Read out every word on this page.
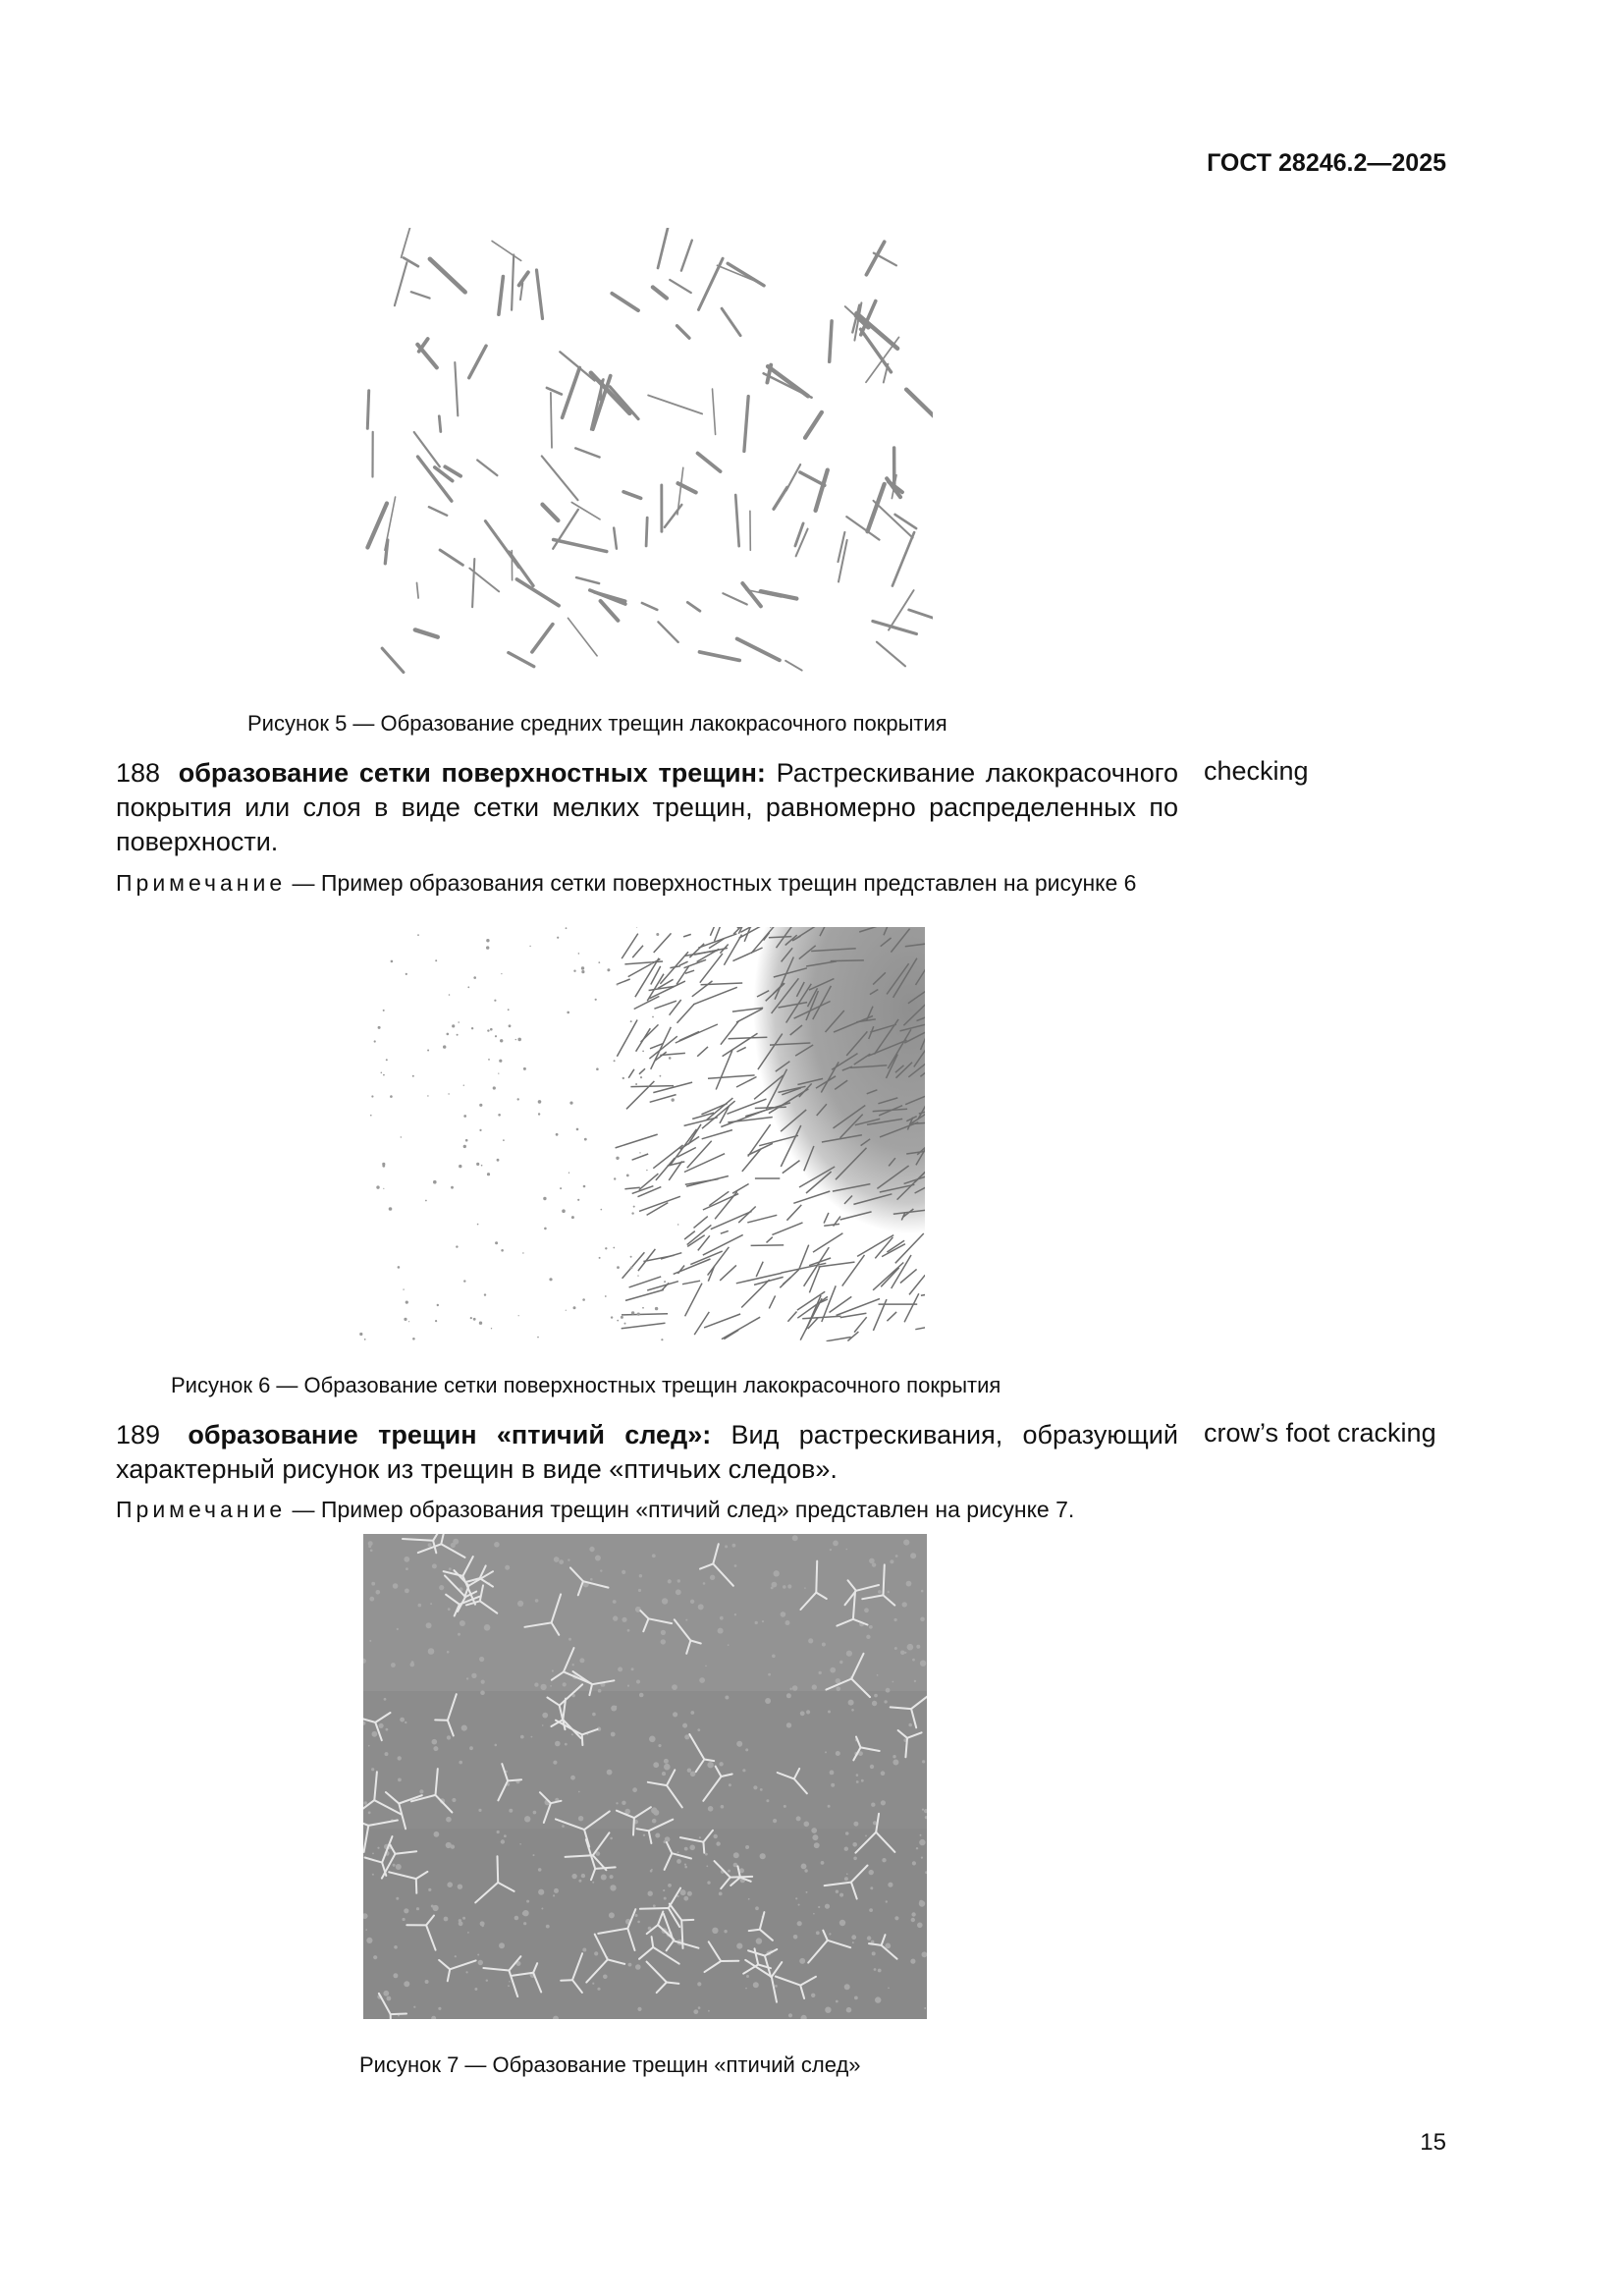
ГОСТ 28246.2—2025
Рисунок 5 — Образование средних трещин лакокрасочного покрытия
188 образование сетки поверхностных трещин: Растрескивание лакокрасочного покрытия или слоя в виде сетки мелких трещин, равномерно распределенных по поверхности.
checking
Примечание — Пример образования сетки поверхностных трещин представлен на рисунке 6
Рисунок 6 — Образование сетки поверхностных трещин лакокрасочного покрытия
189 образование трещин «птичий след»: Вид растрескивания, образующий характерный рисунок из трещин в виде «птичьих следов».
crow’s foot cracking
Примечание — Пример образования трещин «птичий след» представлен на рисунке 7.
Рисунок 7 — Образование трещин «птичий след»
15
